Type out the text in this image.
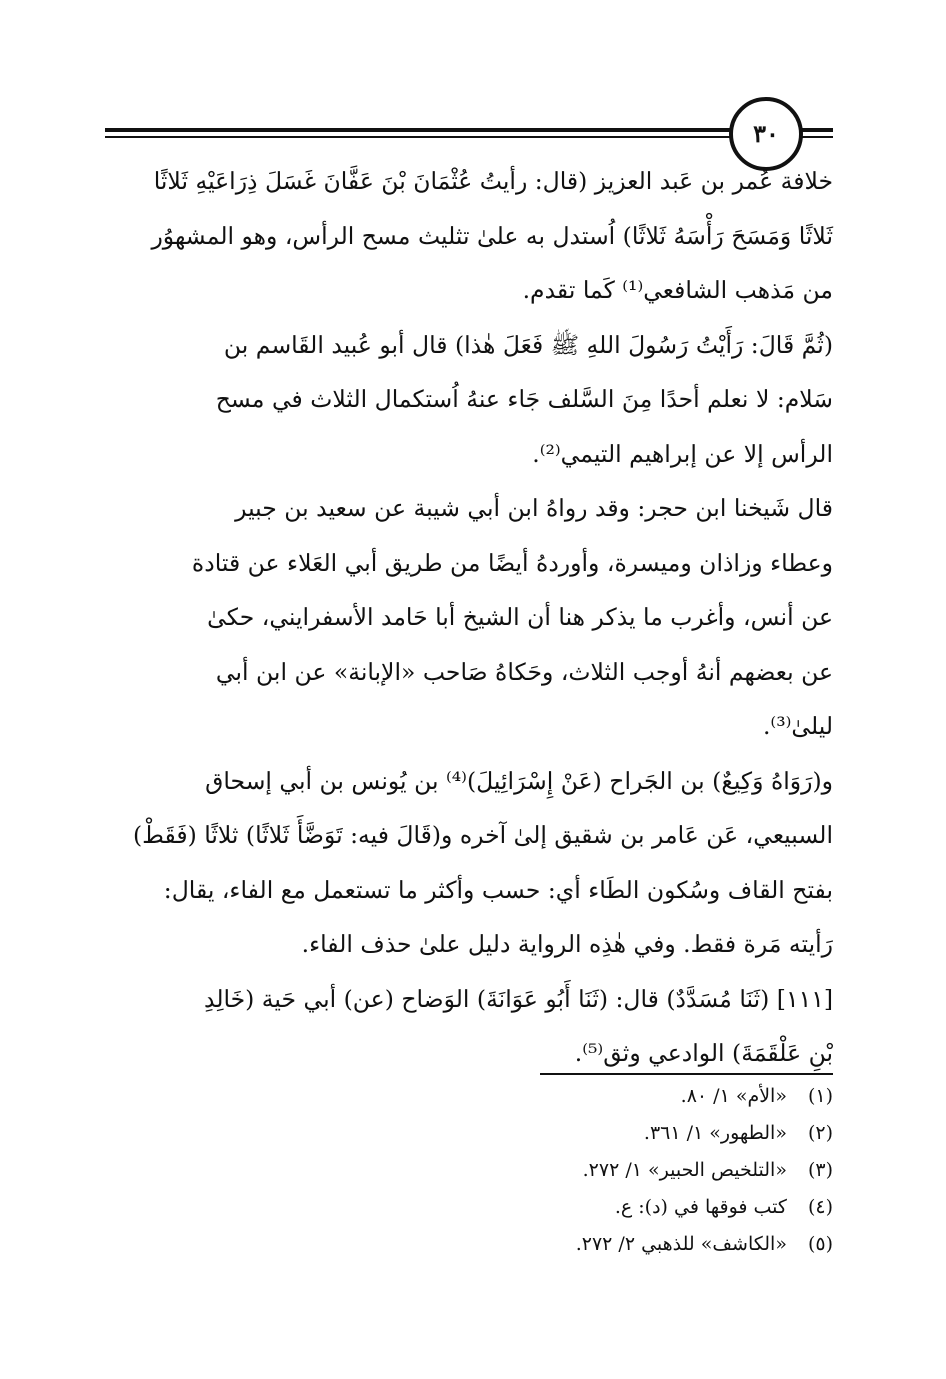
٣٠

خلافة عُمر بن عَبد العزيز (قال: رأيتُ عُثْمَانَ بْنَ عَفَّانَ غَسَلَ ذِرَاعَيْهِ ثَلاثًا

ثَلاثًا وَمَسَحَ رَأْسَهُ ثَلاثًا) اُستدل به علىٰ تثليث مسح الرأس، وهو المشهوُر

من مَذهب الشافعي⁽¹⁾ كَما تقدم.

(ثُمَّ قَالَ: رَأَيْتُ رَسُولَ اللهِ ﷺ فَعَلَ هٰذا) قال أبو عُبيد القَاسم بن

سَلام: لا نعلم أحدًا مِنَ السَّلف جَاء عنهُ اُستكمال الثلاث في مسح

الرأس إلا عن إبراهيم التيمي⁽²⁾.

قال شَيخنا ابن حجر: وقد رواهُ ابن أبي شيبة عن سعيد بن جبير

وعطاء وزاذان وميسرة، وأوردهُ أيضًا من طريق أبي العَلاء عن قتادة

عن أنس، وأغرب ما يذكر هنا أن الشيخ أبا حَامد الأسفرايني، حكىٰ

عن بعضهم أنهُ أوجب الثلاث، وحَكاهُ صَاحب «الإبانة» عن ابن أبي

ليلىٰ⁽³⁾.

و(رَوَاهُ وَكِيعٌ) بن الجَراح (عَنْ إِسْرَائِيلَ)⁽⁴⁾ بن يُونس بن أبي إسحاق

السبيعي، عَن عَامر بن شقيق إلىٰ آخره و(قَالَ فيه: تَوَضَّأَ ثَلاثًا) ثلاثًا (فَقَطْ)

بفتح القاف وسُكون الطَاء أي: حسب وأكثر ما تستعمل مع الفاء، يقال:

رَأيته مَرة فقط. وفي هٰذِه الرواية دليل علىٰ حذف الفاء.

[١١١] (ثَنَا مُسَدَّدٌ) قال: (ثَنَا أَبُو عَوَانَةَ) الوَضاح (عن) أبي حَية (خَالِدِ

بْنِ عَلْقَمَةَ) الوادعي وثق⁽⁵⁾.

(١) «الأم» ١/ ٨٠.
(٢) «الطهور» ١/ ٣٦١.
(٣) «التلخيص الحبير» ١/ ٢٧٢.
(٤) كتب فوقها في (د): ع.
(٥) «الكاشف» للذهبي ٢/ ٢٧٢.
